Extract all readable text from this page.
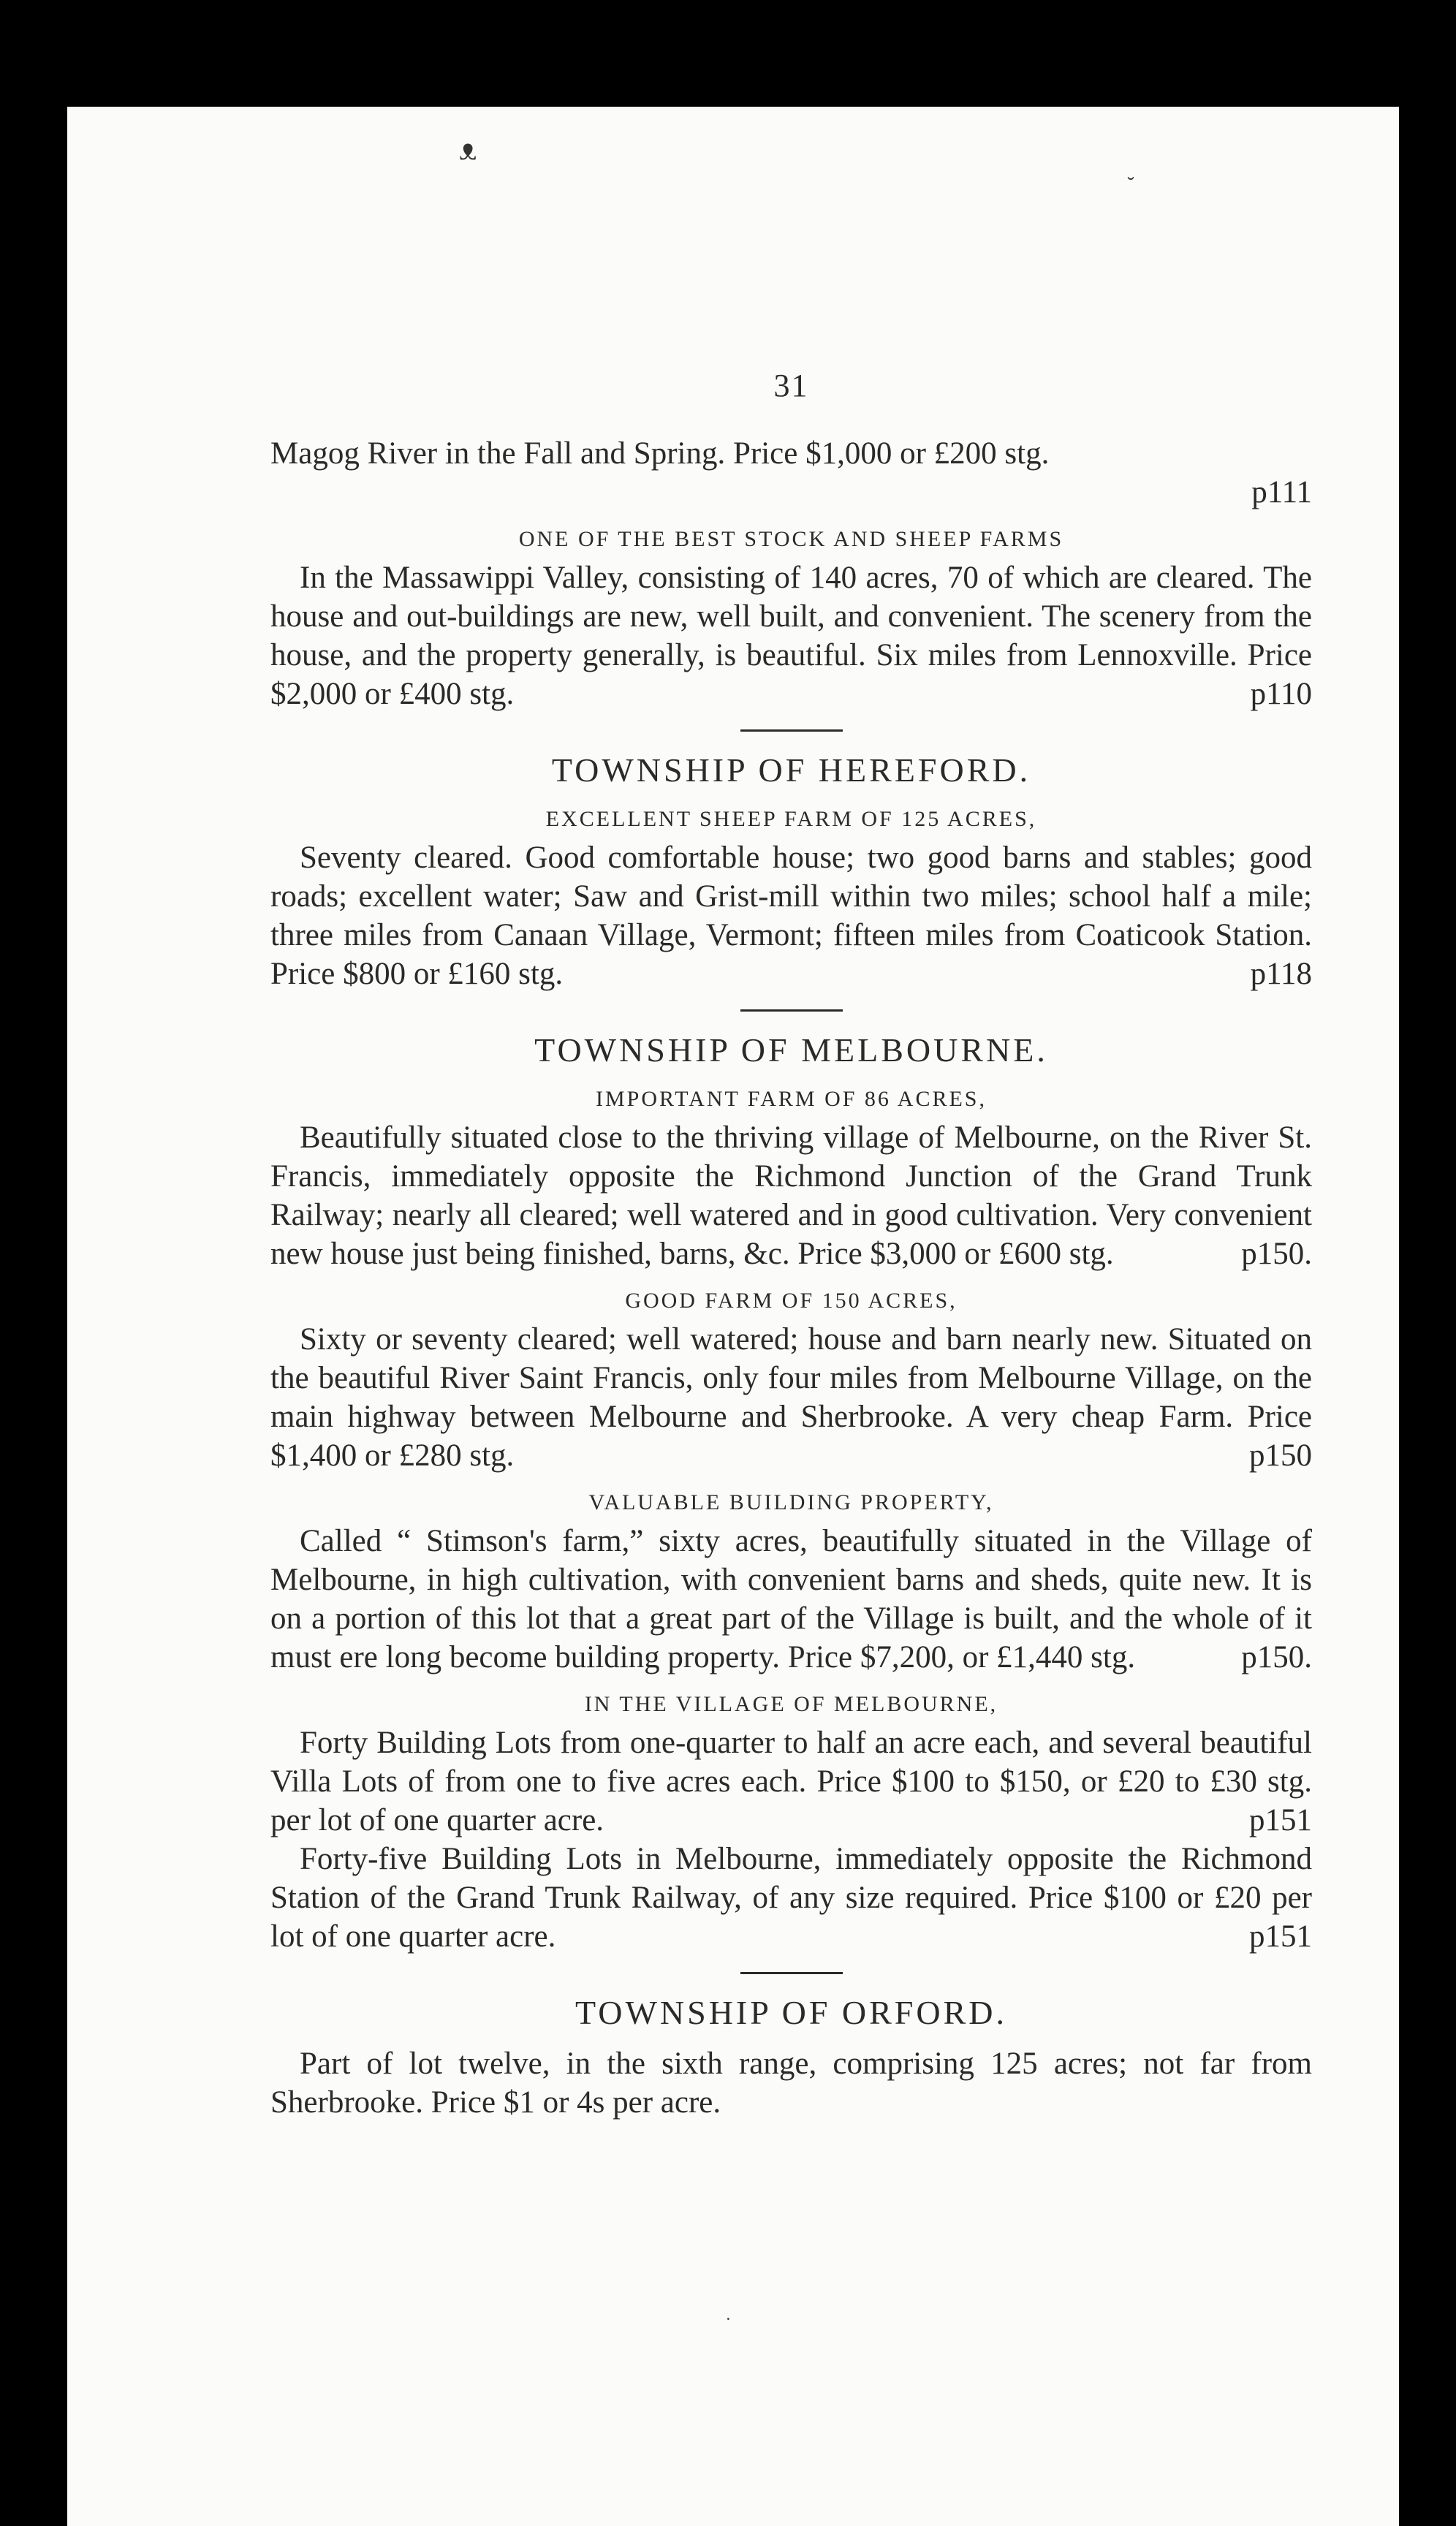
ᴥ
˘
˙

31

Magog River in the Fall and Spring. Price $1,000 or £200 stg.

p111
ONE OF THE BEST STOCK AND SHEEP FARMS

In the Massawippi Valley, consisting of 140 acres, 70 of which are cleared. The house and out-buildings are new, well built, and convenient. The scenery from the house, and the property generally, is beautiful. Six miles from Lennoxville. Price $2,000 or £400 stg.	p110

TOWNSHIP OF HEREFORD.
EXCELLENT SHEEP FARM OF 125 ACRES,

Seventy cleared. Good comfortable house; two good barns and stables; good roads; excellent water; Saw and Grist-mill within two miles; school half a mile; three miles from Canaan Village, Vermont; fifteen miles from Coaticook Station. Price $800 or £160 stg.	p118

TOWNSHIP OF MELBOURNE.
IMPORTANT FARM OF 86 ACRES,

Beautifully situated close to the thriving village of Melbourne, on the River St. Francis, immediately opposite the Richmond Junction of the Grand Trunk Railway; nearly all cleared; well watered and in good cultivation. Very convenient new house just being finished, barns, &c. Price $3,000 or £600 stg.	p150.

GOOD FARM OF 150 ACRES,

Sixty or seventy cleared; well watered; house and barn nearly new. Situated on the beautiful River Saint Francis, only four miles from Melbourne Village, on the main highway between Melbourne and Sherbrooke. A very cheap Farm. Price $1,400 or £280 stg.	p150

VALUABLE BUILDING PROPERTY,

Called “ Stimson's farm,” sixty acres, beautifully situated in the Village of Melbourne, in high cultivation, with convenient barns and sheds, quite new. It is on a portion of this lot that a great part of the Village is built, and the whole of it must ere long become building property. Price $7,200, or £1,440 stg.	p150.

IN THE VILLAGE OF MELBOURNE,

Forty Building Lots from one-quarter to half an acre each, and several beautiful Villa Lots of from one to five acres each. Price $100 to $150, or £20 to £30 stg. per lot of one quarter acre.	p151

Forty-five Building Lots in Melbourne, immediately opposite the Richmond Station of the Grand Trunk Railway, of any size required. Price $100 or £20 per lot of one quarter acre.	p151

TOWNSHIP OF ORFORD.

Part of lot twelve, in the sixth range, comprising 125 acres; not far from Sherbrooke. Price $1 or 4s per acre.
